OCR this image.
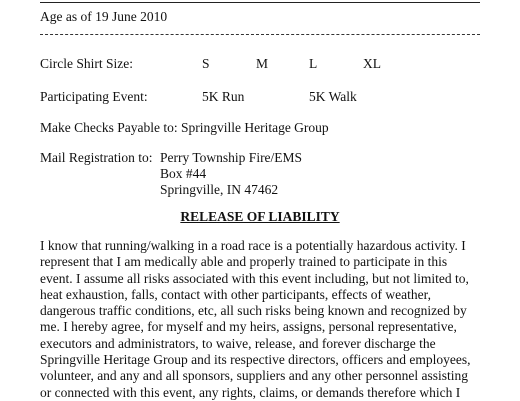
Age as of 19 June 2010
Circle Shirt Size:	S	M	L	XL
Participating Event:	5K Run	5K Walk
Make Checks Payable to: Springville Heritage Group
Mail Registration to: Perry Township Fire/EMS
Box #44
Springville, IN 47462
RELEASE OF LIABILITY
I know that running/walking in a road race is a potentially hazardous activity. I
represent that I am medically able and properly trained to participate in this
event. I assume all risks associated with this event including, but not limited to,
heat exhaustion, falls, contact with other participants, effects of weather,
dangerous traffic conditions, etc, all such risks being known and recognized by
me. I hereby agree, for myself and my heirs, assigns, personal representative,
executors and administrators, to waive, release, and forever discharge the
Springville Heritage Group and its respective directors, officers and employees,
volunteer, and any and all sponsors, suppliers and any other personnel assisting
or connected with this event, any rights, claims, or demands therefore which I
